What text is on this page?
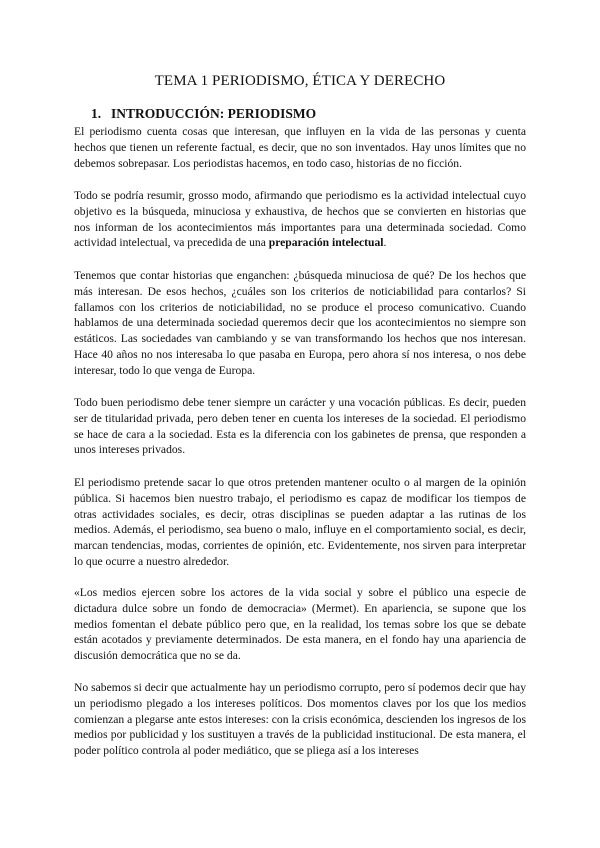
TEMA 1 PERIODISMO, ÉTICA Y DERECHO
1. INTRODUCCIÓN: PERIODISMO

El periodismo cuenta cosas que interesan, que influyen en la vida de las personas y cuenta hechos que tienen un referente factual, es decir, que no son inventados. Hay unos límites que no debemos sobrepasar. Los periodistas hacemos, en todo caso, historias de no ficción.

Todo se podría resumir, grosso modo, afirmando que periodismo es la actividad intelectual cuyo objetivo es la búsqueda, minuciosa y exhaustiva, de hechos que se convierten en historias que nos informan de los acontecimientos más importantes para una determinada sociedad. Como actividad intelectual, va precedida de una preparación intelectual.

Tenemos que contar historias que enganchen: ¿búsqueda minuciosa de qué? De los hechos que más interesan. De esos hechos, ¿cuáles son los criterios de noticiabilidad para contarlos? Si fallamos con los criterios de noticiabilidad, no se produce el proceso comunicativo. Cuando hablamos de una determinada sociedad queremos decir que los acontecimientos no siempre son estáticos. Las sociedades van cambiando y se van transformando los hechos que nos interesan. Hace 40 años no nos interesaba lo que pasaba en Europa, pero ahora sí nos interesa, o nos debe interesar, todo lo que venga de Europa.

Todo buen periodismo debe tener siempre un carácter y una vocación públicas. Es decir, pueden ser de titularidad privada, pero deben tener en cuenta los intereses de la sociedad. El periodismo se hace de cara a la sociedad. Esta es la diferencia con los gabinetes de prensa, que responden a unos intereses privados.

El periodismo pretende sacar lo que otros pretenden mantener oculto o al margen de la opinión pública. Si hacemos bien nuestro trabajo, el periodismo es capaz de modificar los tiempos de otras actividades sociales, es decir, otras disciplinas se pueden adaptar a las rutinas de los medios. Además, el periodismo, sea bueno o malo, influye en el comportamiento social, es decir, marcan tendencias, modas, corrientes de opinión, etc. Evidentemente, nos sirven para interpretar lo que ocurre a nuestro alrededor.

«Los medios ejercen sobre los actores de la vida social y sobre el público una especie de dictadura dulce sobre un fondo de democracia» (Mermet). En apariencia, se supone que los medios fomentan el debate público pero que, en la realidad, los temas sobre los que se debate están acotados y previamente determinados. De esta manera, en el fondo hay una apariencia de discusión democrática que no se da.

No sabemos si decir que actualmente hay un periodismo corrupto, pero sí podemos decir que hay un periodismo plegado a los intereses políticos. Dos momentos claves por los que los medios comienzan a plegarse ante estos intereses: con la crisis económica, descienden los ingresos de los medios por publicidad y los sustituyen a través de la publicidad institucional. De esta manera, el poder político controla al poder mediático, que se pliega así a los intereses
